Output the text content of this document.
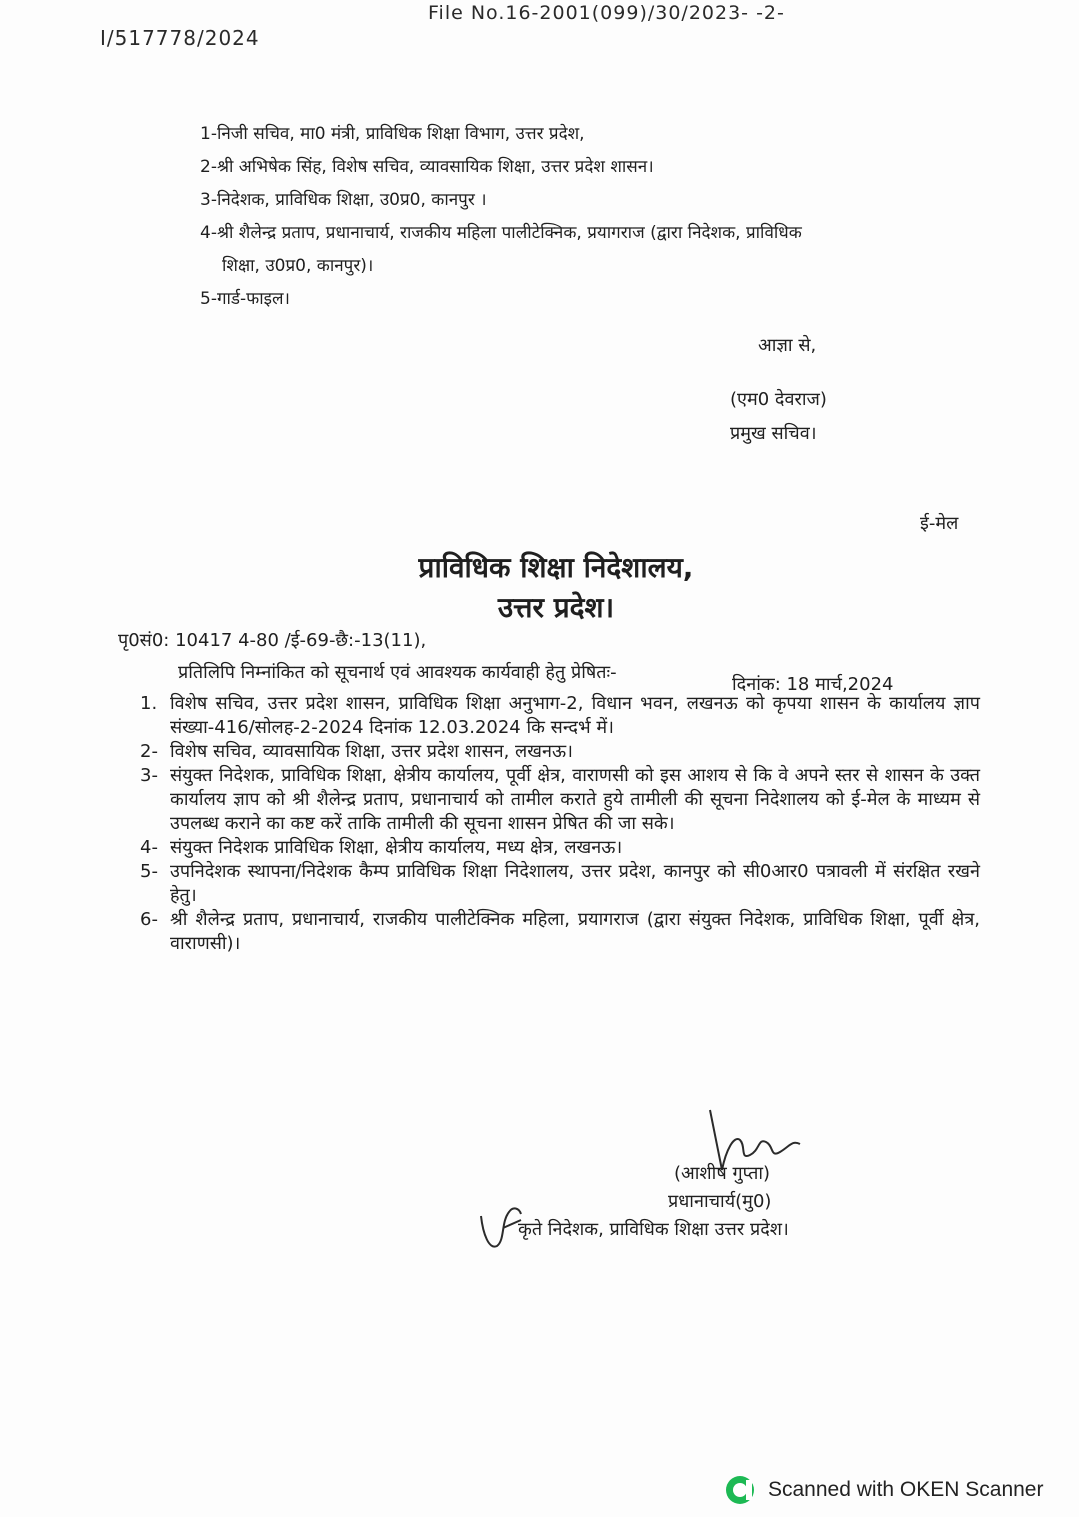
File No.16-2001(099)/30/2023- -2-
I/517778/2024
1-निजी सचिव, मा0 मंत्री, प्राविधिक शिक्षा विभाग, उत्तर प्रदेश,
2-श्री अभिषेक सिंह, विशेष सचिव, व्यावसायिक शिक्षा, उत्तर प्रदेश शासन।
3-निदेशक, प्राविधिक शिक्षा, उ0प्र0, कानपुर ।
4-श्री शैलेन्द्र प्रताप, प्रधानाचार्य, राजकीय महिला पालीटेक्निक, प्रयागराज (द्वारा निदेशक, प्राविधिक
शिक्षा, उ0प्र0, कानपुर)।
5-गार्ड-फाइल।
आज्ञा से,
(एम0 देवराज)
प्रमुख सचिव।
ई-मेल
प्राविधिक शिक्षा निदेशालय,
उत्तर प्रदेश।
पृ0सं0: 10417 4-80 /ई-69-छै:-13(11),
प्रतिलिपि निम्नांकित को सूचनार्थ एवं आवश्यक कार्यवाही हेतु प्रेषितः-
दिनांक: 18 मार्च,2024
1. विशेष सचिव, उत्तर प्रदेश शासन, प्राविधिक शिक्षा अनुभाग-2, विधान भवन, लखनऊ को कृपया शासन के कार्यालय ज्ञाप संख्या-416/सोलह-2-2024 दिनांक 12.03.2024 कि सन्दर्भ में।
2- विशेष सचिव, व्यावसायिक शिक्षा, उत्तर प्रदेश शासन, लखनऊ।
3- संयुक्त निदेशक, प्राविधिक शिक्षा, क्षेत्रीय कार्यालय, पूर्वी क्षेत्र, वाराणसी को इस आशय से कि वे अपने स्तर से शासन के उक्त कार्यालय ज्ञाप को श्री शैलेन्द्र प्रताप, प्रधानाचार्य को तामील कराते हुये तामीली की सूचना निदेशालय को ई-मेल के माध्यम से उपलब्ध कराने का कष्ट करें ताकि तामीली की सूचना शासन प्रेषित की जा सके।
4- संयुक्त निदेशक प्राविधिक शिक्षा, क्षेत्रीय कार्यालय, मध्य क्षेत्र, लखनऊ।
5- उपनिदेशक स्थापना/निदेशक कैम्प प्राविधिक शिक्षा निदेशालय, उत्तर प्रदेश, कानपुर को सी0आर0 पत्रावली में संरक्षित रखने हेतु।
6- श्री शैलेन्द्र प्रताप, प्रधानाचार्य, राजकीय पालीटेक्निक महिला, प्रयागराज (द्वारा संयुक्त निदेशक, प्राविधिक शिक्षा, पूर्वी क्षेत्र, वाराणसी)।
(आशीष गुप्ता)
प्रधानाचार्य(मु0)
कृते निदेशक, प्राविधिक शिक्षा उत्तर प्रदेश।
Scanned with OKEN Scanner
